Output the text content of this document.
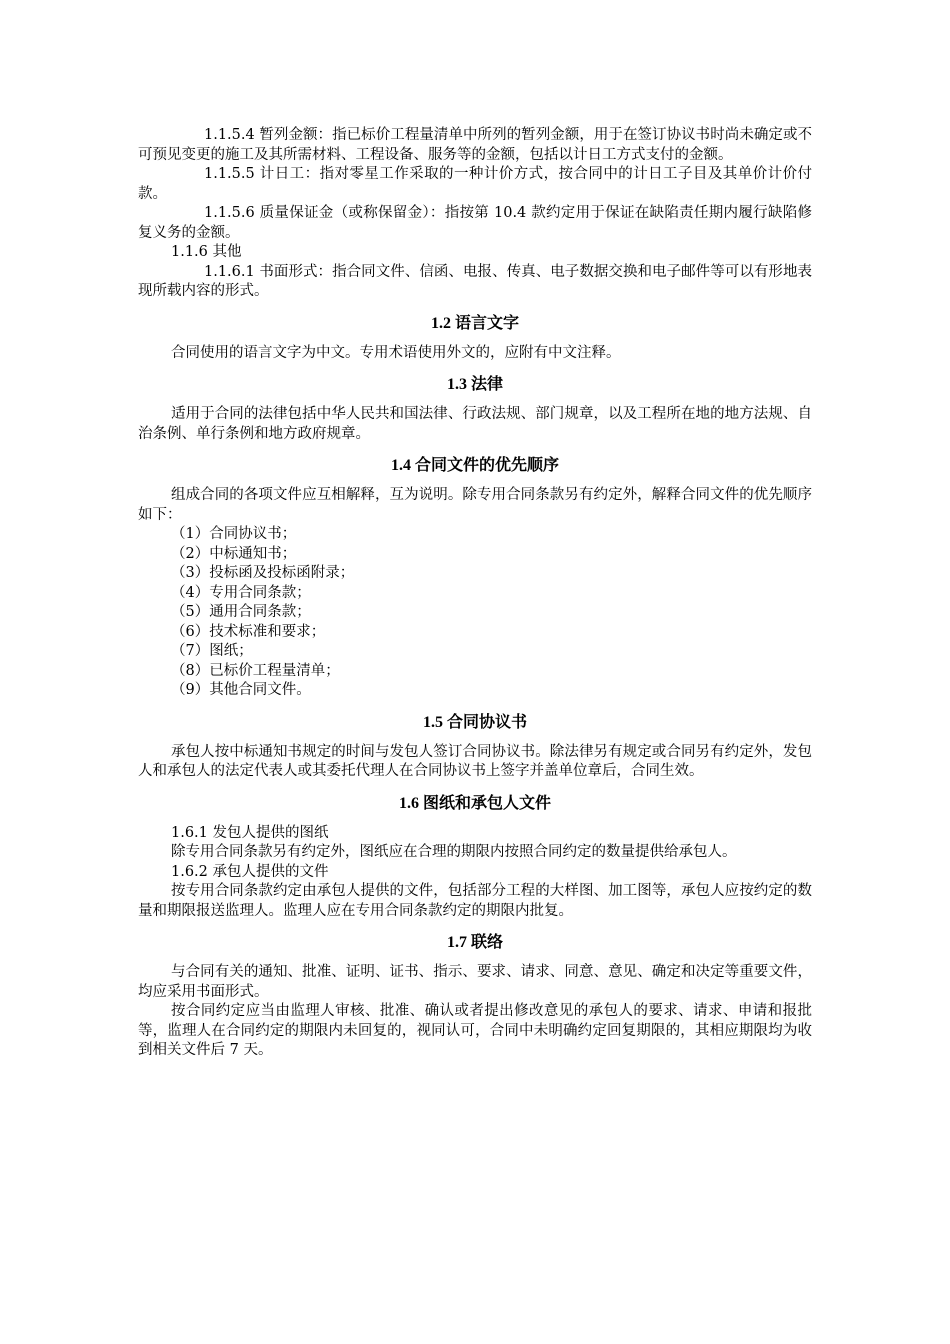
1.1.5.4 暂列金额：指已标价工程量清单中所列的暂列金额，用于在签订协议书时尚未确定或不可预见变更的施工及其所需材料、工程设备、服务等的金额，包括以计日工方式支付的金额。

1.1.5.5 计日工：指对零星工作采取的一种计价方式，按合同中的计日工子目及其单价计价付款。

1.1.5.6 质量保证金（或称保留金）：指按第 10.4 款约定用于保证在缺陷责任期内履行缺陷修复义务的金额。

1.1.6 其他

1.1.6.1 书面形式：指合同文件、信函、电报、传真、电子数据交换和电子邮件等可以有形地表现所载内容的形式。

1.2 语言文字

合同使用的语言文字为中文。专用术语使用外文的，应附有中文注释。

1.3 法律

适用于合同的法律包括中华人民共和国法律、行政法规、部门规章，以及工程所在地的地方法规、自治条例、单行条例和地方政府规章。

1.4 合同文件的优先顺序

组成合同的各项文件应互相解释，互为说明。除专用合同条款另有约定外，解释合同文件的优先顺序如下：

（1）合同协议书；

（2）中标通知书；

（3）投标函及投标函附录；

（4）专用合同条款；

（5）通用合同条款；

（6）技术标准和要求；

（7）图纸；

（8）已标价工程量清单；

（9）其他合同文件。

1.5 合同协议书

承包人按中标通知书规定的时间与发包人签订合同协议书。除法律另有规定或合同另有约定外，发包人和承包人的法定代表人或其委托代理人在合同协议书上签字并盖单位章后，合同生效。

1.6 图纸和承包人文件

1.6.1 发包人提供的图纸

除专用合同条款另有约定外，图纸应在合理的期限内按照合同约定的数量提供给承包人。

1.6.2 承包人提供的文件

按专用合同条款约定由承包人提供的文件，包括部分工程的大样图、加工图等，承包人应按约定的数量和期限报送监理人。监理人应在专用合同条款约定的期限内批复。

1.7 联络

与合同有关的通知、批准、证明、证书、指示、要求、请求、同意、意见、确定和决定等重要文件，均应采用书面形式。

按合同约定应当由监理人审核、批准、确认或者提出修改意见的承包人的要求、请求、申请和报批等，监理人在合同约定的期限内未回复的，视同认可，合同中未明确约定回复期限的，其相应期限均为收到相关文件后 7 天。
